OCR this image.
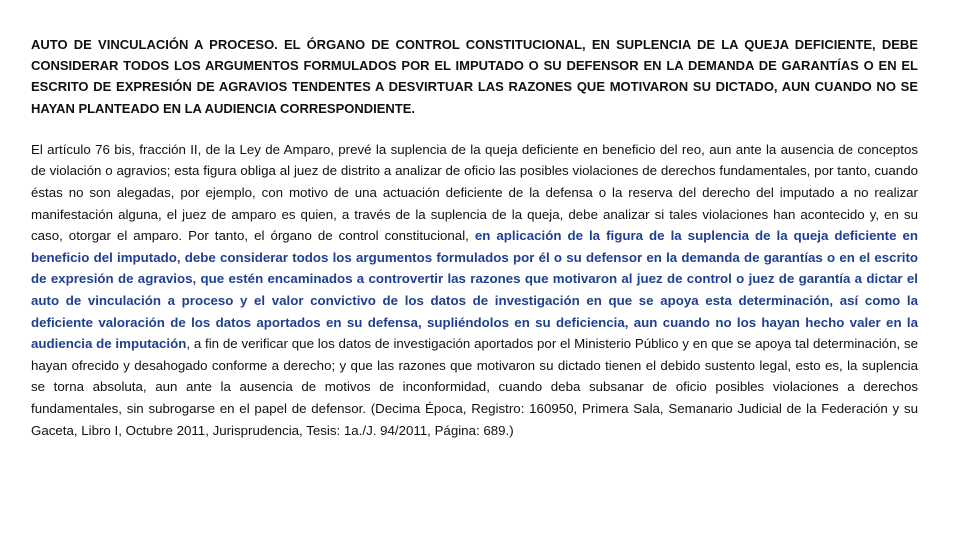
AUTO DE VINCULACIÓN A PROCESO. EL ÓRGANO DE CONTROL CONSTITUCIONAL, EN SUPLENCIA DE LA QUEJA DEFICIENTE, DEBE CONSIDERAR TODOS LOS ARGUMENTOS FORMULADOS POR EL IMPUTADO O SU DEFENSOR EN LA DEMANDA DE GARANTÍAS O EN EL ESCRITO DE EXPRESIÓN DE AGRAVIOS TENDENTES A DESVIRTUAR LAS RAZONES QUE MOTIVARON SU DICTADO, AUN CUANDO NO SE HAYAN PLANTEADO EN LA AUDIENCIA CORRESPONDIENTE.

El artículo 76 bis, fracción II, de la Ley de Amparo, prevé la suplencia de la queja deficiente en beneficio del reo, aun ante la ausencia de conceptos de violación o agravios; esta figura obliga al juez de distrito a analizar de oficio las posibles violaciones de derechos fundamentales, por tanto, cuando éstas no son alegadas, por ejemplo, con motivo de una actuación deficiente de la defensa o la reserva del derecho del imputado a no realizar manifestación alguna, el juez de amparo es quien, a través de la suplencia de la queja, debe analizar si tales violaciones han acontecido y, en su caso, otorgar el amparo. Por tanto, el órgano de control constitucional, en aplicación de la figura de la suplencia de la queja deficiente en beneficio del imputado, debe considerar todos los argumentos formulados por él o su defensor en la demanda de garantías o en el escrito de expresión de agravios, que estén encaminados a controvertir las razones que motivaron al juez de control o juez de garantía a dictar el auto de vinculación a proceso y el valor convictivo de los datos de investigación en que se apoya esta determinación, así como la deficiente valoración de los datos aportados en su defensa, supliéndolos en su deficiencia, aun cuando no los hayan hecho valer en la audiencia de imputación, a fin de verificar que los datos de investigación aportados por el Ministerio Público y en que se apoya tal determinación, se hayan ofrecido y desahogado conforme a derecho; y que las razones que motivaron su dictado tienen el debido sustento legal, esto es, la suplencia se torna absoluta, aun ante la ausencia de motivos de inconformidad, cuando deba subsanar de oficio posibles violaciones a derechos fundamentales, sin subrogarse en el papel de defensor. (Decima Época, Registro: 160950, Primera Sala, Semanario Judicial de la Federación y su Gaceta, Libro I, Octubre 2011, Jurisprudencia, Tesis: 1a./J. 94/2011, Página: 689.)
